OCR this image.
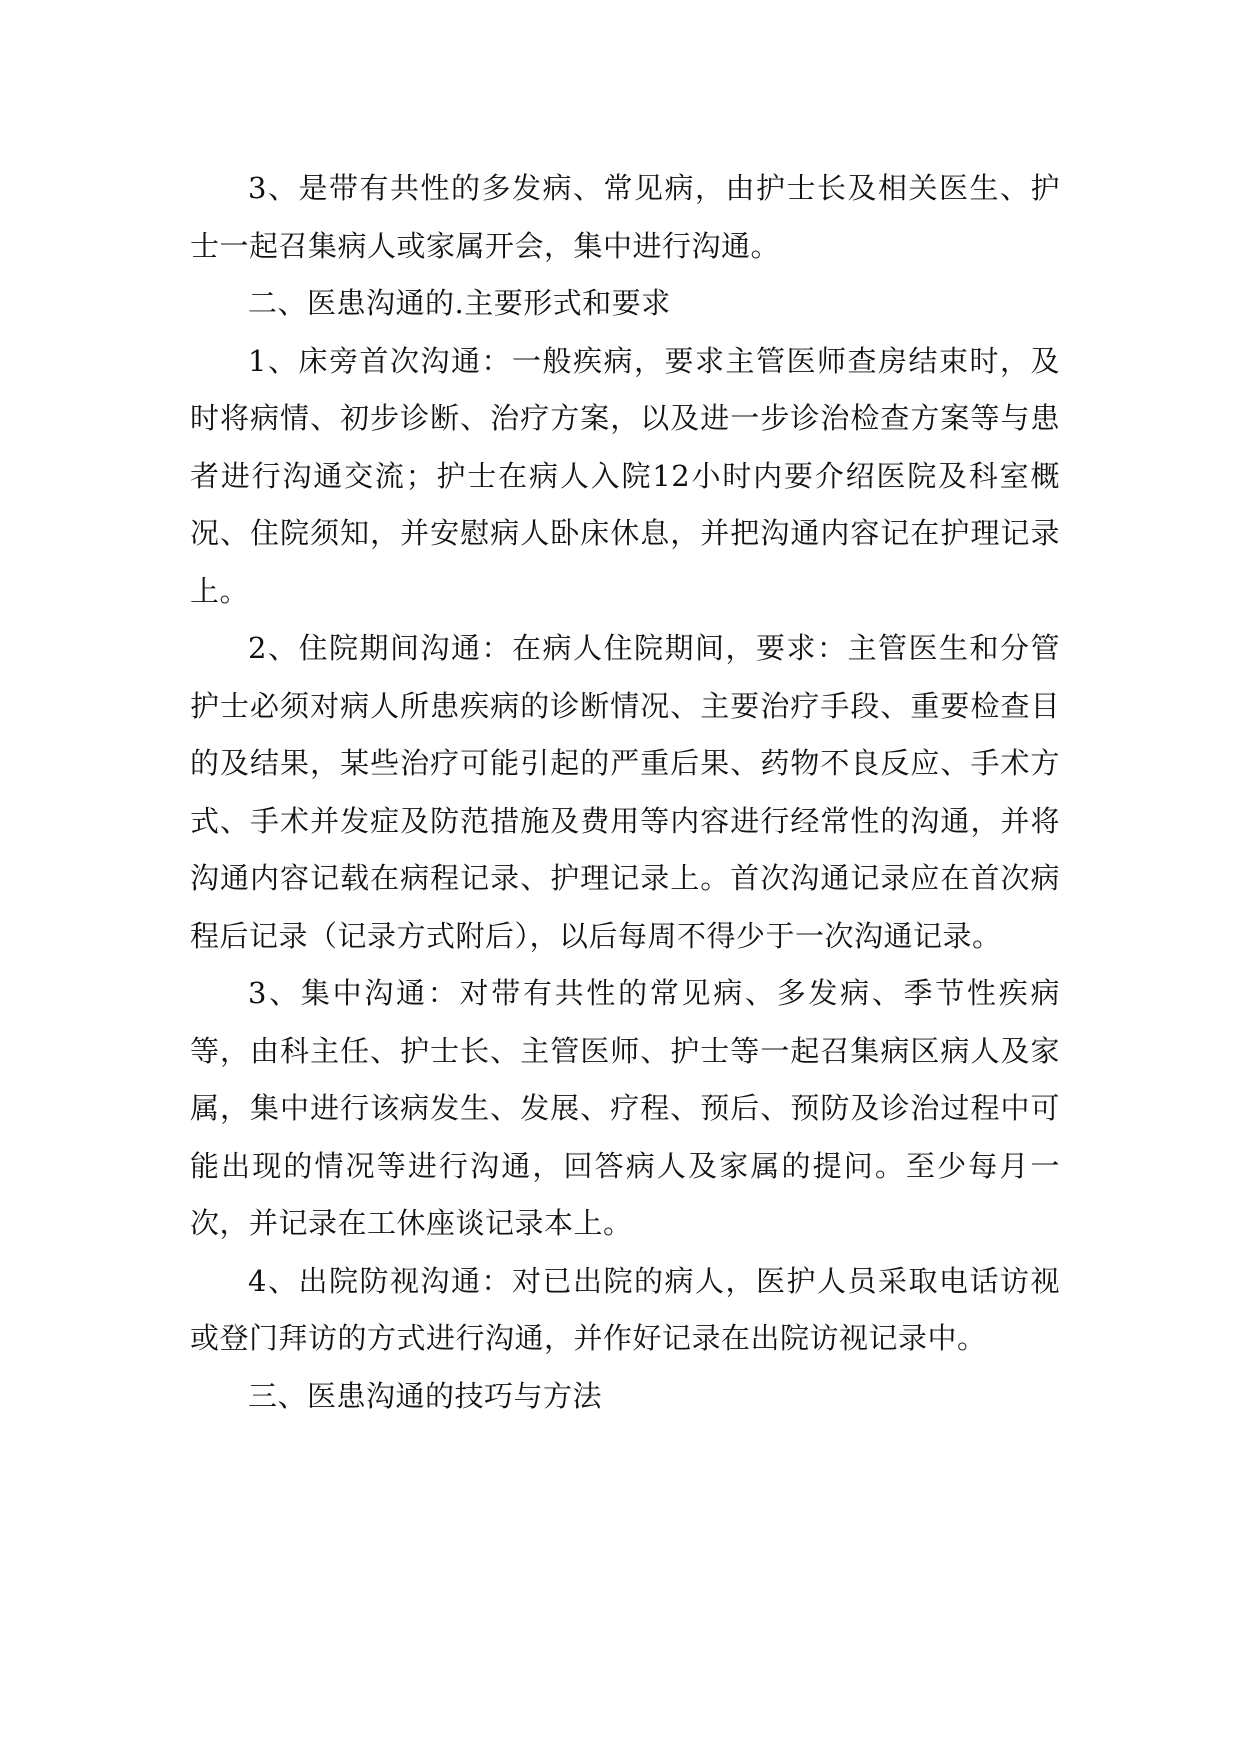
3、是带有共性的多发病、常见病，由护士长及相关医生、护士一起召集病人或家属开会，集中进行沟通。

二、医患沟通的.主要形式和要求

1、床旁首次沟通：一般疾病，要求主管医师查房结束时，及时将病情、初步诊断、治疗方案，以及进一步诊治检查方案等与患者进行沟通交流；护士在病人入院12小时内要介绍医院及科室概况、住院须知，并安慰病人卧床休息，并把沟通内容记在护理记录上。

2、住院期间沟通：在病人住院期间，要求：主管医生和分管护士必须对病人所患疾病的诊断情况、主要治疗手段、重要检查目的及结果，某些治疗可能引起的严重后果、药物不良反应、手术方式、手术并发症及防范措施及费用等内容进行经常性的沟通，并将沟通内容记载在病程记录、护理记录上。首次沟通记录应在首次病程后记录（记录方式附后），以后每周不得少于一次沟通记录。

3、集中沟通：对带有共性的常见病、多发病、季节性疾病等，由科主任、护士长、主管医师、护士等一起召集病区病人及家属，集中进行该病发生、发展、疗程、预后、预防及诊治过程中可能出现的情况等进行沟通，回答病人及家属的提问。至少每月一次，并记录在工休座谈记录本上。

4、出院防视沟通：对已出院的病人，医护人员采取电话访视或登门拜访的方式进行沟通，并作好记录在出院访视记录中。

三、医患沟通的技巧与方法
